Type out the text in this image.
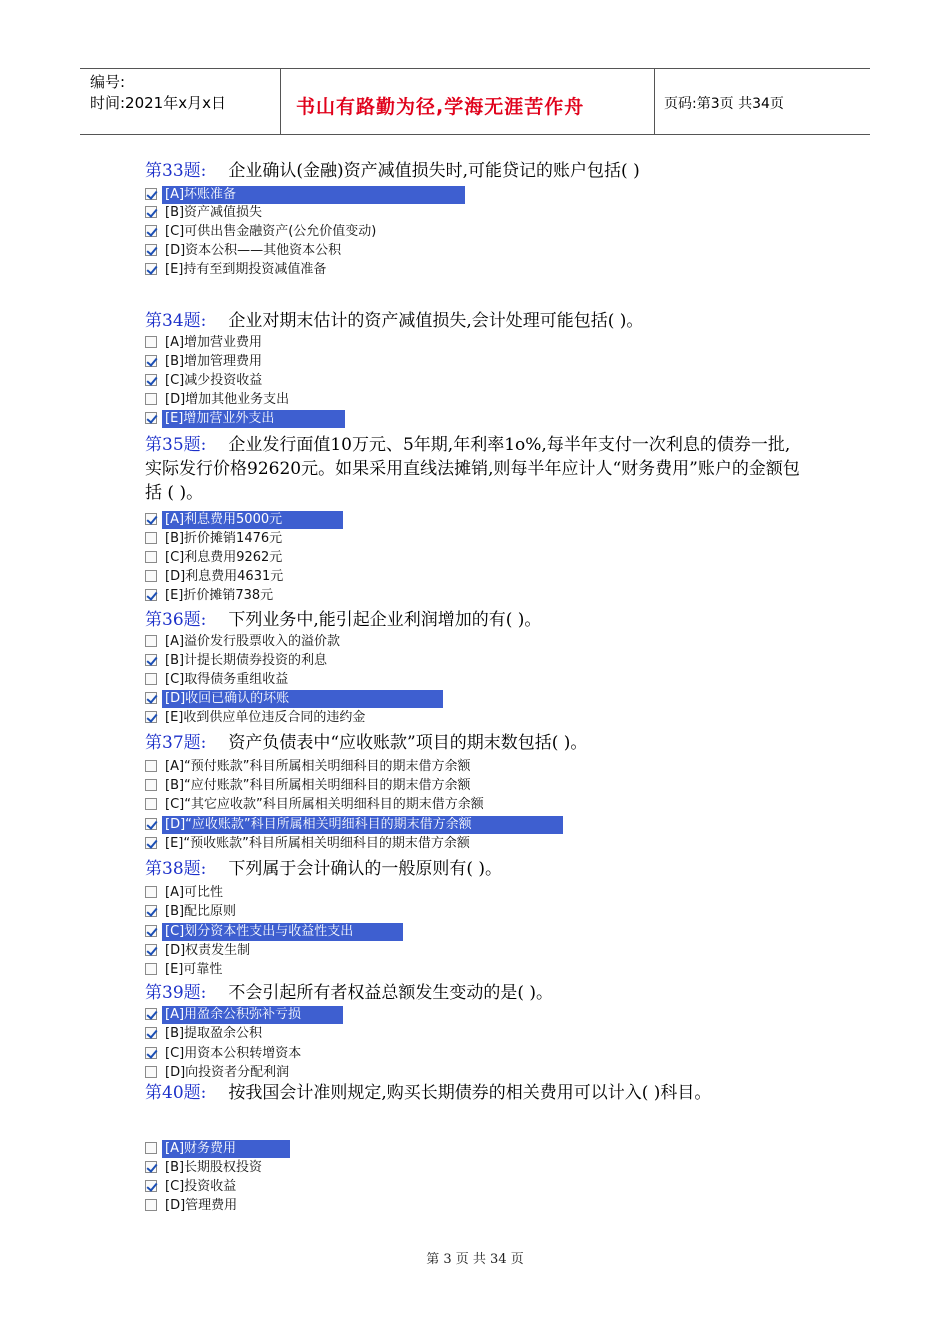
编号:
时间:2021年x月x日	书山有路勤为径,学海无涯苦作舟	页码:第3页 共34页
第33题: 企业确认(金融)资产减值损失时,可能贷记的账户包括( )
[A]坏账准备
[B]资产减值损失
[C]可供出售金融资产(公允价值变动)
[D]资本公积——其他资本公积
[E]持有至到期投资减值准备
第34题: 企业对期末估计的资产减值损失,会计处理可能包括( )。
[A]增加营业费用
[B]增加管理费用
[C]减少投资收益
[D]增加其他业务支出
[E]增加营业外支出
第35题: 企业发行面值10万元、5年期,年利率1o%,每半年支付一次利息的债券一批,实际发行价格92620元。如果采用直线法摊销,则每半年应计人“财务费用”账户的金额包括 ( )。
[A]利息费用5000元
[B]折价摊销1476元
[C]利息费用9262元
[D]利息费用4631元
[E]折价摊销738元
第36题: 下列业务中,能引起企业利润增加的有( )。
[A]溢价发行股票收入的溢价款
[B]计提长期债券投资的利息
[C]取得债务重组收益
[D]收回已确认的坏账
[E]收到供应单位违反合同的违约金
第37题: 资产负债表中“应收账款”项目的期末数包括( )。
[A]“预付账款”科目所属相关明细科目的期末借方余额
[B]“应付账款”科目所属相关明细科目的期末借方余额
[C]“其它应收款”科目所属相关明细科目的期末借方余额
[D]“应收账款”科目所属相关明细科目的期末借方余额
[E]“预收账款”科目所属相关明细科目的期末借方余额
第38题: 下列属于会计确认的一般原则有( )。
[A]可比性
[B]配比原则
[C]划分资本性支出与收益性支出
[D]权责发生制
[E]可靠性
第39题: 不会引起所有者权益总额发生变动的是( )。
[A]用盈余公积弥补亏损
[B]提取盈余公积
[C]用资本公积转增资本
[D]向投资者分配利润
第40题: 按我国会计准则规定,购买长期债券的相关费用可以计入( )科目。
[A]财务费用
[B]长期股权投资
[C]投资收益
[D]管理费用
第 3 页 共 34 页
